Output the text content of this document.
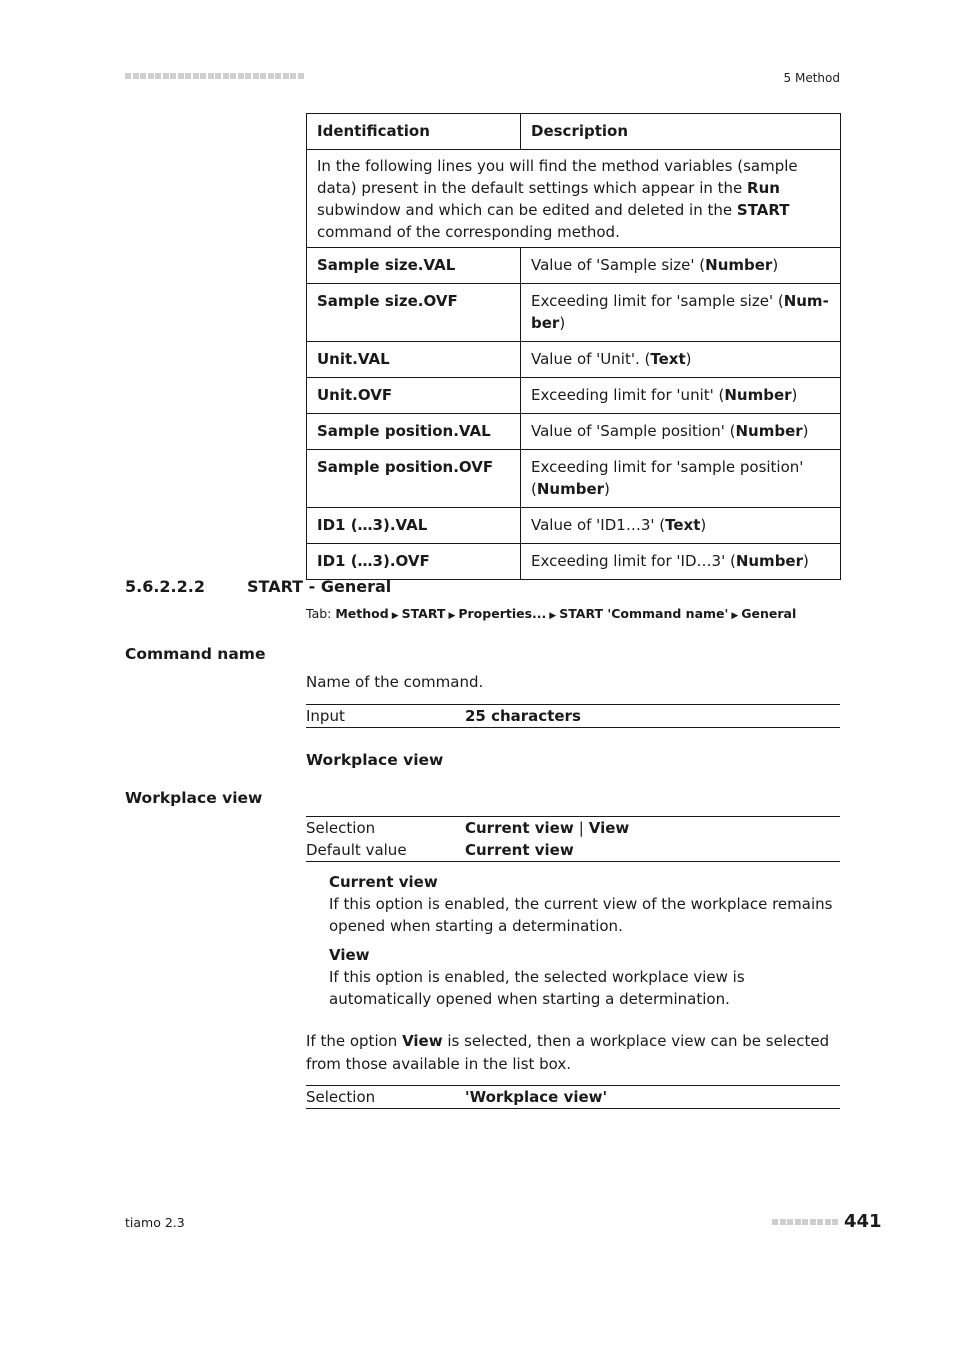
5 Method
Identification	Description
In the following lines you will find the method variables (sample data) present in the default settings which appear in the Run subwindow and which can be edited and deleted in the START command of the corresponding method.	
Sample size.VAL	Value of 'Sample size' (Number)
Sample size.OVF	Exceeding limit for 'sample size' (Num-ber)
Unit.VAL	Value of 'Unit'. (Text)
Unit.OVF	Exceeding limit for 'unit' (Number)
Sample position.VAL	Value of 'Sample position' (Number)
Sample position.OVF	Exceeding limit for 'sample position' (Number)
ID1 (…3).VAL	Value of 'ID1…3' (Text)
ID1 (…3).OVF	Exceeding limit for 'ID…3' (Number)
5.6.2.2.2	START - General
Tab: Method ▶ START ▶ Properties... ▶ START 'Command name' ▶ General
Command name
Name of the command.
Input	25 characters
Workplace view
Workplace view
Selection	Current view | View
Default value	Current view
Current view
If this option is enabled, the current view of the workplace remains opened when starting a determination.
View
If this option is enabled, the selected workplace view is automatically opened when starting a determination.
If the option View is selected, then a workplace view can be selected from those available in the list box.
Selection	'Workplace view'
tiamo 2.3	441
